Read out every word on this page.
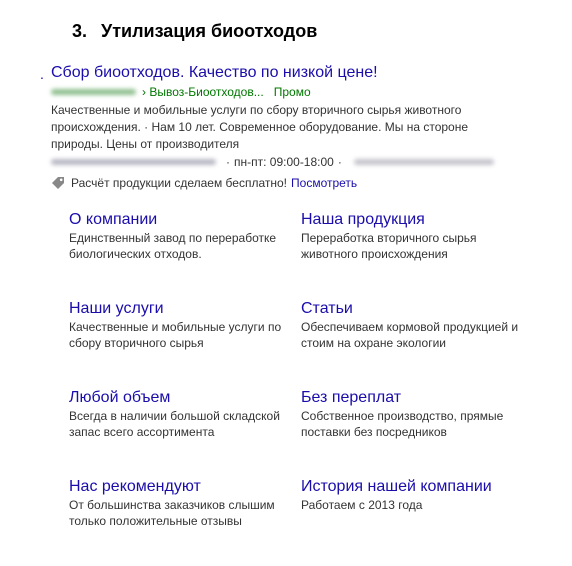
3. Утилизация биоотходов
. Сбор биоотходов. Качество по низкой цене!
› Вывоз-Биоотходов... Промо
Качественные и мобильные услуги по сбору вторичного сырья животного происхождения. · Нам 10 лет. Современное оборудование. Мы на стороне природы. Цены от производителя
· пн-пт: 09:00-18:00 ·
Расчёт продукции сделаем бесплатно! Посмотреть
О компании
Единственный завод по переработке биологических отходов.
Наша продукция
Переработка вторичного сырья животного происхождения
Наши услуги
Качественные и мобильные услуги по сбору вторичного сырья
Статьи
Обеспечиваем кормовой продукцией и стоим на охране экологии
Любой объем
Всегда в наличии большой складской запас всего ассортимента
Без переплат
Собственное производство, прямые поставки без посредников
Нас рекомендуют
От большинства заказчиков слышим только положительные отзывы
История нашей компании
Работаем с 2013 года
